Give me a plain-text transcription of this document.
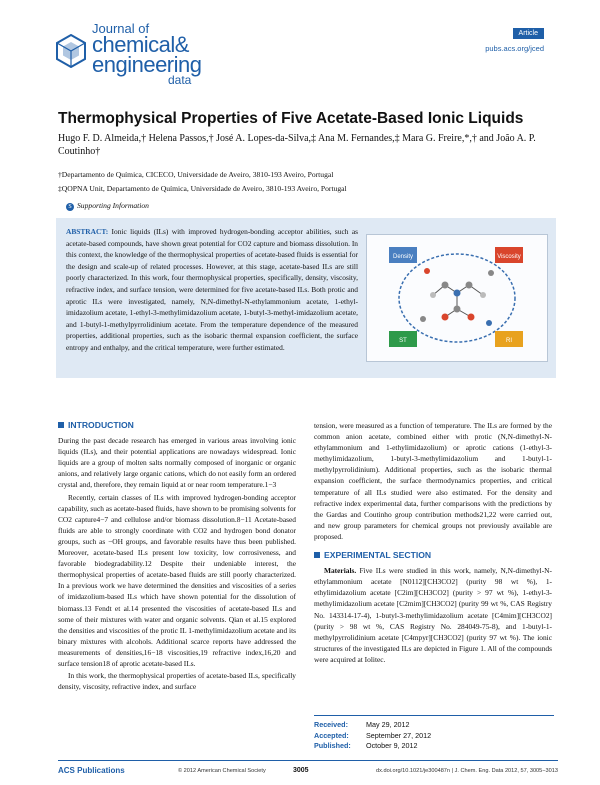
Journal of
chemical&
engineering
data
Article
pubs.acs.org/jced
Thermophysical Properties of Five Acetate-Based Ionic Liquids
Hugo F. D. Almeida,† Helena Passos,† José A. Lopes-da-Silva,‡ Ana M. Fernandes,‡ Mara G. Freire,*,† and João A. P. Coutinho†
†Departamento de Química, CICECO, Universidade de Aveiro, 3810-193 Aveiro, Portugal
‡QOPNA Unit, Departamento de Química, Universidade de Aveiro, 3810-193 Aveiro, Portugal
S Supporting Information
ABSTRACT: Ionic liquids (ILs) with improved hydrogen-bonding acceptor abilities, such as acetate-based compounds, have shown great potential for CO2 capture and biomass dissolution. In this context, the knowledge of the thermophysical properties of acetate-based fluids is essential for the design and scale-up of related processes. However, at this stage, acetate-based ILs are still poorly characterized. In this work, four thermophysical properties, specifically, density, viscosity, refractive index, and surface tension, were determined for five acetate-based ILs. Both protic and aprotic ILs were investigated, namely, N,N-dimethyl-N-ethylammonium acetate, 1-ethyl-imidazolium acetate, 1-ethyl-3-methylimidazolium acetate, 1-butyl-3-methyl-imidazolium acetate, and 1-butyl-1-methylpyrrolidinium acetate. From the temperature dependence of the measured properties, additional properties, such as the isobaric thermal expansion coefficient, the surface entropy and enthalpy, and the critical temperature, were further estimated.
Density	Viscosity
ST	RI
INTRODUCTION

During the past decade research has emerged in various areas involving ionic liquids (ILs), and their potential applications are nowadays widespread. Ionic liquids are a group of molten salts normally composed of inorganic or organic anions, and relatively large organic cations, which do not easily form an ordered crystal and, therefore, they remain liquid at or near room temperature.1−3

Recently, certain classes of ILs with improved hydrogen-bonding acceptor capability, such as acetate-based fluids, have shown to be promising solvents for CO2 capture4−7 and cellulose and/or biomass dissolution.8−11 Acetate-based fluids are able to strongly coordinate with CO2 and hydrogen bond donator groups, such as −OH groups, and favorable results have thus been published. Moreover, acetate-based ILs present low toxicity, low corrosiveness, and favorable biodegradability.12 Despite their undeniable interest, the thermophysical properties of acetate-based fluids are still poorly characterized. In a previous work we have determined the densities and viscosities of a series of imidazolium-based ILs which have shown potential for the dissolution of biomass.13 Fendt et al.14 presented the viscosities of acetate-based ILs and some of their mixtures with water and organic solvents. Qian et al.15 explored the densities and viscosities of the protic IL 1-methylimidazolium acetate and its binary mixtures with alcohols. Additional scarce reports have addressed the measurements of densities,16−18 viscosities,19 refractive index,16,20 and surface tension18 of aprotic acetate-based ILs.

In this work, the thermophysical properties of acetate-based ILs, specifically density, viscosity, refractive index, and surface

tension, were measured as a function of temperature. The ILs are formed by the common anion acetate, combined either with protic (N,N-dimethyl-N-ethylammonium and 1-ethylimidazolium) or aprotic cations (1-ethyl-3-methylimidazolium, 1-butyl-3-methylimidazolium and 1-butyl-1-methylpyrrolidinium). Additional properties, such as the isobaric thermal expansion coefficient, the surface thermodynamics properties, and critical temperature of all ILs studied were also estimated. For the density and refractive index experimental data, further comparisons with the predictions by the Gardas and Coutinho group contribution methods21,22 were carried out, and new group parameters for chemical groups not previously available are proposed.

EXPERIMENTAL SECTION

Materials. Five ILs were studied in this work, namely, N,N-dimethyl-N-ethylammonium acetate [N0112][CH3CO2] (purity 98 wt %), 1-ethylimidazolium acetate [C2im][CH3CO2] (purity > 97 wt %), 1-ethyl-3-methylimidazolium acetate [C2mim][CH3CO2] (purity 99 wt %, CAS Registry No. 143314-17-4), 1-butyl-3-methylimidazolium acetate [C4mim][CH3CO2] (purity > 98 wt %, CAS Registry No. 284049-75-8), and 1-butyl-1-methylpyrrolidinium acetate [C4mpyr][CH3CO2] (purity 97 wt %). The ionic structures of the investigated ILs are depicted in Figure 1. All of the compounds were acquired at Iolitec.

Received:	May 29, 2012
Accepted: September 27, 2012
Published: October 9, 2012
ACS Publications	© 2012 American Chemical Society	3005	dx.doi.org/10.1021/je300487n | J. Chem. Eng. Data 2012, 57, 3005−3013
